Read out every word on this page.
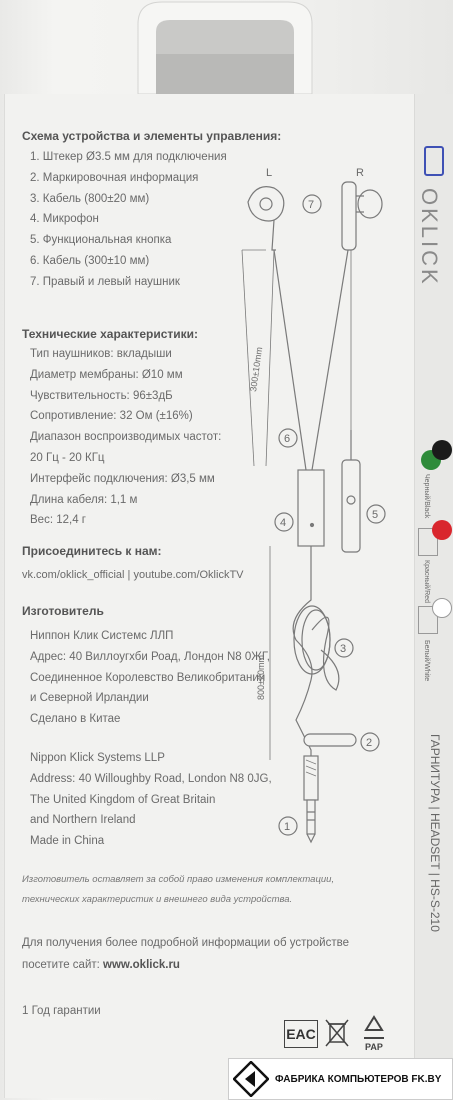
Схема устройства и элементы управления:
1. Штекер Ø3.5 мм для подключения
2. Маркировочная информация
3. Кабель (800±20 мм)
4. Микрофон
5. Функциональная кнопка
6. Кабель (300±10 мм)
7. Правый и левый наушник
Технические характеристики:
Тип наушников: вкладыши
Диаметр мембраны: Ø10 мм
Чувствительность: 96±3дБ
Сопротивление: 32 Ом (±16%)
Диапазон воспроизводимых частот:
20 Гц - 20 КГц
Интерфейс подключения: Ø3,5 мм
Длина кабеля: 1,1 м
Вес: 12,4 г
Присоединитесь к нам:
vk.com/oklick_official | youtube.com/OklickTV
Изготовитель
Ниппон Клик Системс ЛЛП
Адрес: 40 Виллоугхби Роад, Лондон N8 0ЖГ,
Соединенное Королевство Великобритании
и Северной Ирландии
Сделано в Китае
Nippon Klick Systems LLP
Address: 40 Willoughby Road, London N8 0JG,
The United Kingdom of Great Britain
and Northern Ireland
Made in China
Изготовитель оставляет за собой право изменения комплектации,
технических характеристик и внешнего вида устройства.
Для получения более подробной информации об устройстве
посетите сайт: www.oklick.ru
1 Год гарантии
L	R
7
300±10mm
6
4
5
3
800±20mm
2
1
OKLICK
ГАРНИТУРА | HEADSET | HS-S-210
Черный/Black
Красный/Red
Белый/White
EAC
PAP
ФАБРИКА КОМПЬЮТЕРОВ FK.BY
